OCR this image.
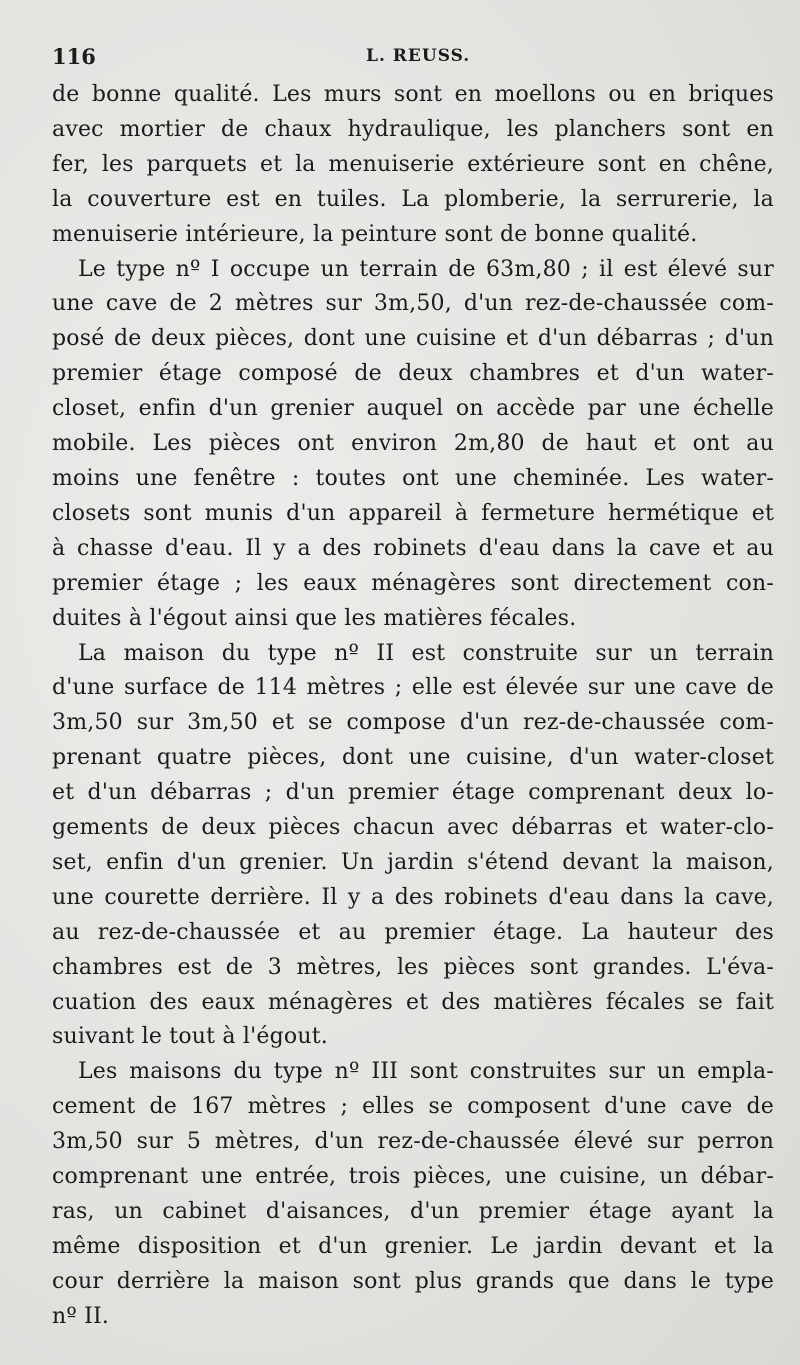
116	L. REUSS.

de bonne qualité. Les murs sont en moellons ou en briques
avec mortier de chaux hydraulique, les planchers sont en
fer, les parquets et la menuiserie extérieure sont en chêne,
la couverture est en tuiles. La plomberie, la serrurerie, la
menuiserie intérieure, la peinture sont de bonne qualité.

Le type nº I occupe un terrain de 63m,80 ; il est élevé sur
une cave de 2 mètres sur 3m,50, d'un rez-de-chaussée com-
posé de deux pièces, dont une cuisine et d'un débarras ; d'un
premier étage composé de deux chambres et d'un water-
closet, enfin d'un grenier auquel on accède par une échelle
mobile. Les pièces ont environ 2m,80 de haut et ont au
moins une fenêtre : toutes ont une cheminée. Les water-
closets sont munis d'un appareil à fermeture hermétique et
à chasse d'eau. Il y a des robinets d'eau dans la cave et au
premier étage ; les eaux ménagères sont directement con-
duites à l'égout ainsi que les matières fécales.

La maison du type nº II est construite sur un terrain
d'une surface de 114 mètres ; elle est élevée sur une cave de
3m,50 sur 3m,50 et se compose d'un rez-de-chaussée com-
prenant quatre pièces, dont une cuisine, d'un water-closet
et d'un débarras ; d'un premier étage comprenant deux lo-
gements de deux pièces chacun avec débarras et water-clo-
set, enfin d'un grenier. Un jardin s'étend devant la maison,
une courette derrière. Il y a des robinets d'eau dans la cave,
au rez-de-chaussée et au premier étage. La hauteur des
chambres est de 3 mètres, les pièces sont grandes. L'éva-
cuation des eaux ménagères et des matières fécales se fait
suivant le tout à l'égout.

Les maisons du type nº III sont construites sur un empla-
cement de 167 mètres ; elles se composent d'une cave de
3m,50 sur 5 mètres, d'un rez-de-chaussée élevé sur perron
comprenant une entrée, trois pièces, une cuisine, un débar-
ras, un cabinet d'aisances, d'un premier étage ayant la
même disposition et d'un grenier. Le jardin devant et la
cour derrière la maison sont plus grands que dans le type
nº II.
